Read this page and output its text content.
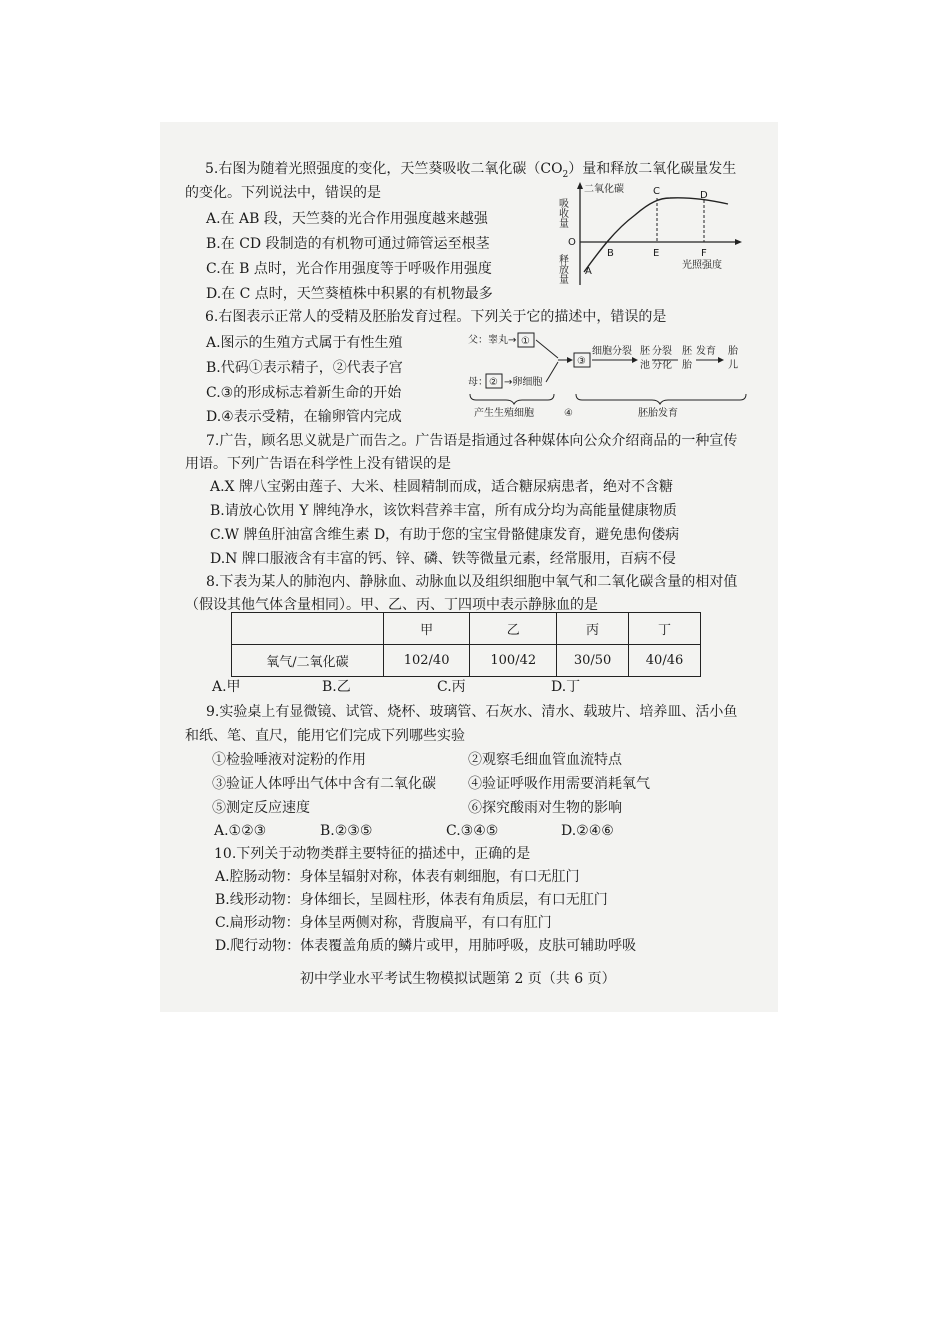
5.右图为随着光照强度的变化，天竺葵吸收二氧化碳$(CO_2)$量和释放二氧化碳量发生
的变化。下列说法中，错误的是
A.在 AB 段，天竺葵的光合作用强度越来越强
B.在 CD 段制造的有机物可通过筛管运至根茎
C.在 B 点时，光合作用强度等于呼吸作用强度
D.在 C 点时，天竺葵植株中积累的有机物最多
吸收量
二氧化碳
O
释放量 A
B
C	D
E	F
光照强度
6.右图表示正常人的受精及胚胎发育过程。下列关于它的描述中，错误的是
A.图示的生殖方式属于有性生殖
B.代码①表示精子，②代表子宫
C.③的形成标志着新生命的开始
D.④表示受精，在输卵管内完成
父：睾丸→ ①
母： ② →卵细胞
③
细胞分裂 胚
池
分裂
分化
胚
胎
发育 胎
儿
产生生殖细胞	④	胚胎发育
7.广告，顾名思义就是广而告之。广告语是指通过各种媒体向公众介绍商品的一种宣传
用语。下列广告语在科学性上没有错误的是
A.X 牌八宝粥由莲子、大米、桂圆精制而成，适合糖尿病患者，绝对不含糖
B.请放心饮用 Y 牌纯净水，该饮料营养丰富，所有成分均为高能量健康物质
C.W 牌鱼肝油富含维生素 D，有助于您的宝宝骨骼健康发育，避免患佝偻病
D.N 牌口服液含有丰富的钙、锌、磷、铁等微量元素，经常服用，百病不侵
8.下表为某人的肺泡内、静脉血、动脉血以及组织细胞中氧气和二氧化碳含量的相对值
（假设其他气体含量相同）。甲、乙、丙、丁四项中表示静脉血的是
	甲	乙	丙	丁
氧气/二氧化碳	102/40	100/42	30/50	40/46
A.甲	B.乙	C.丙	D.丁
9.实验桌上有显微镜、试管、烧杯、玻璃管、石灰水、清水、载玻片、培养皿、活小鱼
和纸、笔、直尺，能用它们完成下列哪些实验
①检验唾液对淀粉的作用	②观察毛细血管血流特点
③验证人体呼出气体中含有二氧化碳 ④验证呼吸作用需要消耗氧气
⑤测定反应速度	⑥探究酸雨对生物的影响
A.①②③	B.②③⑤	C.③④⑤	D.②④⑥
10.下列关于动物类群主要特征的描述中，正确的是
A.腔肠动物：身体呈辐射对称，体表有刺细胞，有口无肛门
B.线形动物：身体细长，呈圆柱形，体表有角质层，有口无肛门
C.扁形动物：身体呈两侧对称，背腹扁平，有口有肛门
D.爬行动物：体表覆盖角质的鳞片或甲，用肺呼吸，皮肤可辅助呼吸
初中学业水平考试生物模拟试题第 2 页（共 6 页）
